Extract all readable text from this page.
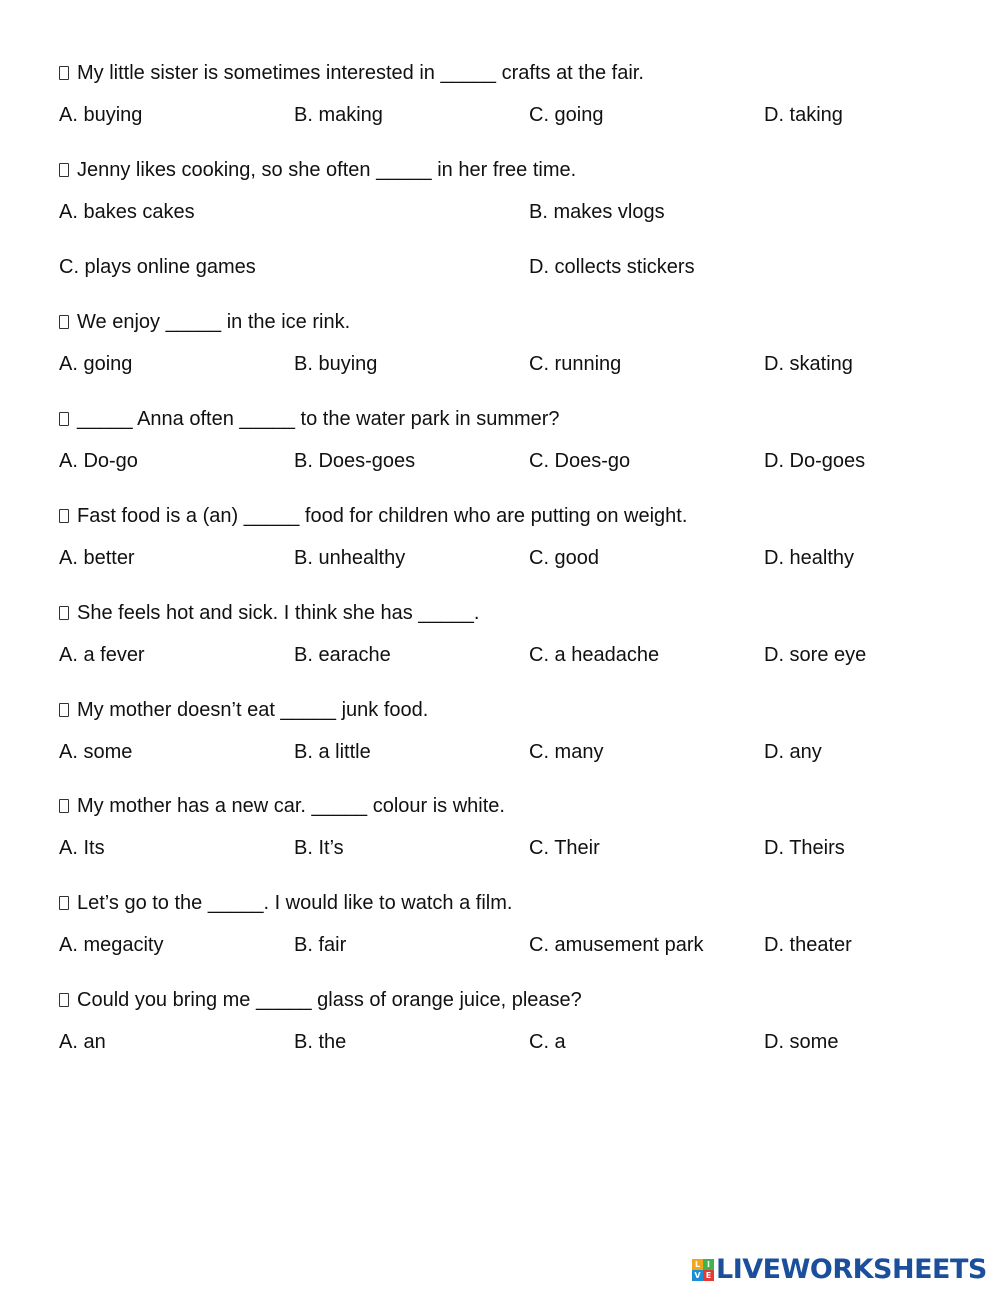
My little sister is sometimes interested in _____ crafts at the fair.
A. buying	B. making	C. going	D. taking
Jenny likes cooking, so she often _____ in her free time.
A. bakes cakes	B. makes vlogs
C. plays online games	D. collects stickers
We enjoy _____ in the ice rink.
A. going	B. buying	C. running	D. skating
_____ Anna often _____ to the water park in summer?
A. Do-go	B. Does-goes	C. Does-go	D. Do-goes
Fast food is a (an) _____ food for children who are putting on weight.
A. better	B. unhealthy	C. good	D. healthy
She feels hot and sick. I think she has _____.
A. a fever	B. earache	C. a headache	D. sore eye
My mother doesn’t eat _____ junk food.
A. some	B. a little	C. many	D. any
My mother has a new car. _____ colour is white.
A. Its	B. It’s	C. Their	D. Theirs
Let’s go to the _____. I would like to watch a film.
A. megacity	B. fair	C. amusement park	D. theater
Could you bring me _____ glass of orange juice, please?
A. an	B. the	C. a	D. some
L I
V E LIVEWORKSHEETS
